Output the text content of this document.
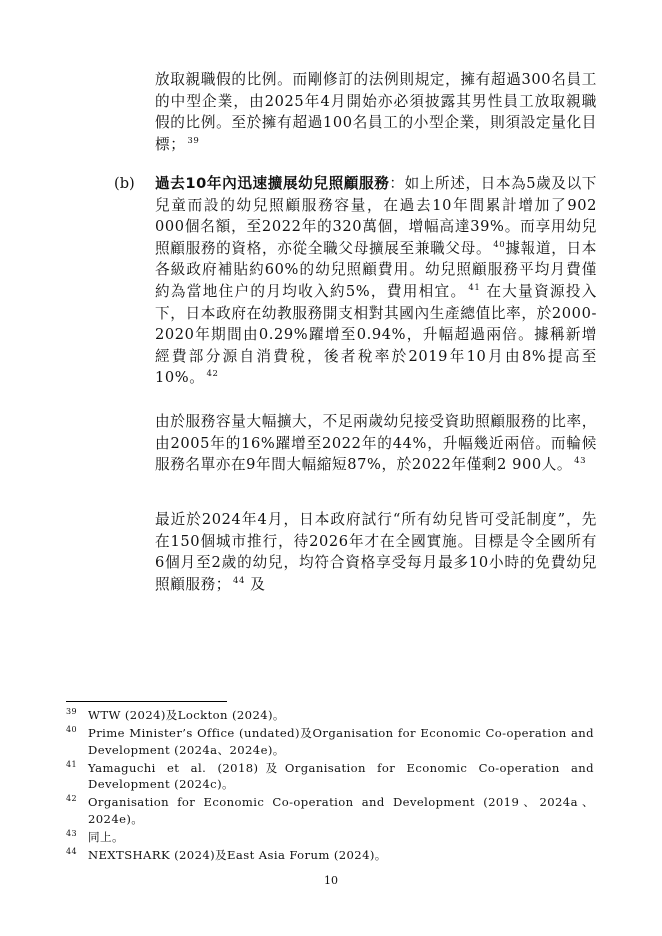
放取親職假的比例。而剛修訂的法例則規定，擁有超過300名員工的中型企業，由2025年4月開始亦必須披露其男性員工放取親職假的比例。至於擁有超過100名員工的小型企業，則須設定量化目標； $^{39}$
(b) 過去10年內迅速擴展幼兒照顧服務：如上所述，日本為5歲及以下兒童而設的幼兒照顧服務容量，在過去10年間累計增加了902 000個名額，至2022年的320萬個，增幅高達39%。而享用幼兒照顧服務的資格，亦從全職父母擴展至兼職父母。 $^{40}$據報道，日本各級政府補貼約60%的幼兒照顧費用。幼兒照顧服務平均月費僅約為當地住户的月均收入約5%，費用相宜。 $^{41}$ 在大量資源投入下，日本政府在幼教服務開支相對其國內生產總值比率，於2000-2020年期間由0.29%躍增至0.94%，升幅超過兩倍。據稱新增經費部分源自消費稅，後者稅率於2019年10月由8%提高至10%。 $^{42}$
由於服務容量大幅擴大，不足兩歲幼兒接受資助照顧服務的比率，由2005年的16%躍增至2022年的44%，升幅幾近兩倍。而輪候服務名單亦在9年間大幅縮短87%，於2022年僅剩2 900人。 $^{43}$
最近於2024年4月，日本政府試行“所有幼兒皆可受託制度”，先在150個城市推行，待2026年才在全國實施。目標是令全國所有6個月至2歲的幼兒，均符合資格享受每月最多10小時的免費幼兒照顧服務； $^{44}$ 及
39 WTW (2024)及Lockton (2024)。
40 Prime Minister’s Office (undated)及Organisation for Economic Co-operation and Development (2024a、2024e)。
41 Yamaguchi et al. (2018)及Organisation for Economic Co-operation and Development (2024c)。
42 Organisation for Economic Co-operation and Development (2019、2024a、2024e)。
43 同上。
44 NEXTSHARK (2024)及East Asia Forum (2024)。
10
